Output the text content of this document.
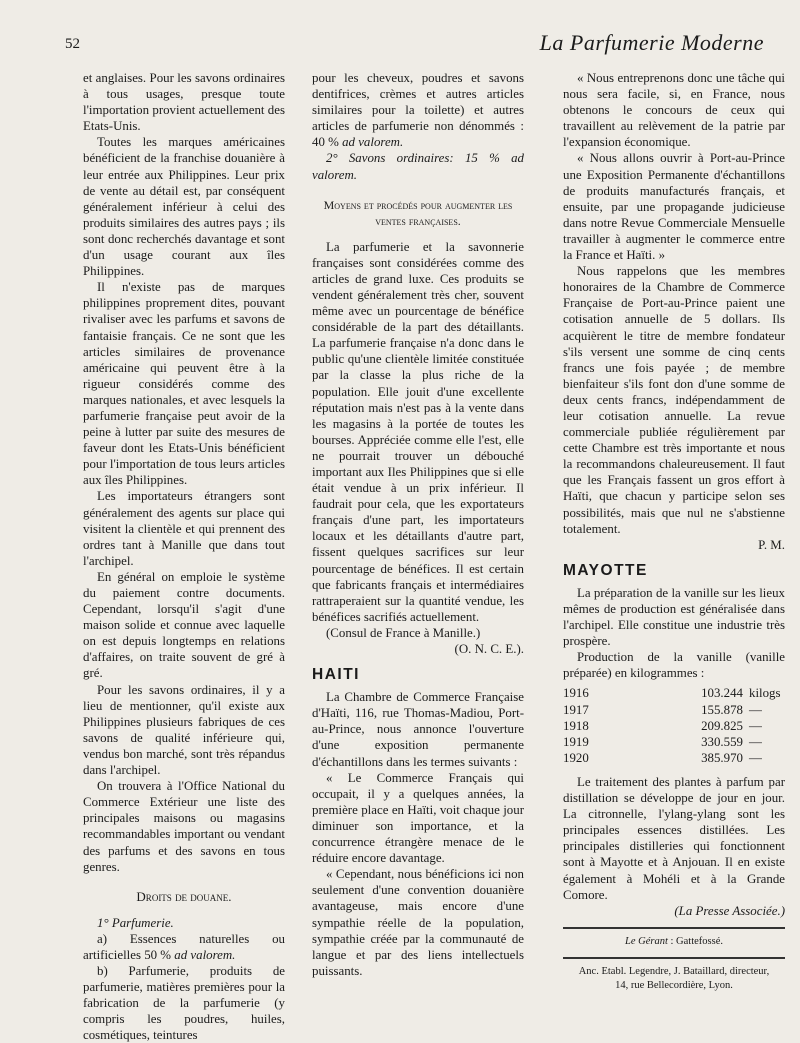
52	La Parfumerie Moderne

et anglaises. Pour les savons ordinaires à tous usages, presque toute l'importation provient actuellement des Etats-Unis.

Toutes les marques américaines bénéficient de la franchise douanière à leur entrée aux Philippines. Leur prix de vente au détail est, par conséquent généralement inférieur à celui des produits similaires des autres pays ; ils sont donc recherchés davantage et sont d'un usage courant aux îles Philippines.

Il n'existe pas de marques philippines proprement dites, pouvant rivaliser avec les parfums et savons de fantaisie français. Ce ne sont que les articles similaires de provenance américaine qui peuvent être à la rigueur considérés comme des marques nationales, et avec lesquels la parfumerie française peut avoir de la peine à lutter par suite des mesures de faveur dont les Etats-Unis bénéficient pour l'importation de tous leurs articles aux îles Philippines.

Les importateurs étrangers sont généralement des agents sur place qui visitent la clientèle et qui prennent des ordres tant à Manille que dans tout l'archipel.

En général on emploie le système du paiement contre documents. Cependant, lorsqu'il s'agit d'une maison solide et connue avec laquelle on est depuis longtemps en relations d'affaires, on traite souvent de gré à gré.

Pour les savons ordinaires, il y a lieu de mentionner, qu'il existe aux Philippines plusieurs fabriques de ces savons de qualité inférieure qui, vendus bon marché, sont très répandus dans l'archipel.

On trouvera à l'Office National du Commerce Extérieur une liste des principales maisons ou magasins recommandables important ou vendant des parfums et des savons en tous genres.

Droits de douane.

1° Parfumerie.

a) Essences naturelles ou artificielles 50 % ad valorem.

b) Parfumerie, produits de parfumerie, matières premières pour la fabrication de la parfumerie (y compris les poudres, huiles, cosmétiques, teintures

pour les cheveux, poudres et savons dentifrices, crèmes et autres articles similaires pour la toilette) et autres articles de parfumerie non dénommés : 40 % ad valorem.

2° Savons ordinaires: 15 % ad valorem.

Moyens et procédés pour augmenter les ventes françaises.

La parfumerie et la savonnerie françaises sont considérées comme des articles de grand luxe. Ces produits se vendent généralement très cher, souvent même avec un pourcentage de bénéfice considérable de la part des détaillants. La parfumerie française n'a donc dans le public qu'une clientèle limitée constituée par la classe la plus riche de la population. Elle jouit d'une excellente réputation mais n'est pas à la vente dans les magasins à la portée de toutes les bourses. Appréciée comme elle l'est, elle ne pourrait trouver un débouché important aux Iles Philippines que si elle était vendue à un prix inférieur. Il faudrait pour cela, que les exportateurs français d'une part, les importateurs locaux et les détaillants d'autre part, fissent quelques sacrifices sur leur pourcentage de bénéfices. Il est certain que fabricants français et intermédiaires rattraperaient sur la quantité vendue, les bénéfices sacrifiés actuellement.

(Consul de France à Manille.)

(O. N. C. E.).
HAITI

La Chambre de Commerce Française d'Haïti, 116, rue Thomas-Madiou, Port-au-Prince, nous annonce l'ouverture d'une exposition permanente d'échantillons dans les termes suivants :

« Le Commerce Français qui occupait, il y a quelques années, la première place en Haïti, voit chaque jour diminuer son importance, et la concurrence étrangère menace de le réduire encore davantage.

« Cependant, nous bénéficions ici non seulement d'une convention douanière avantageuse, mais encore d'une sympathie réelle de la population, sympathie créée par la communauté de langue et par des liens intellectuels puissants.

« Nous entreprenons donc une tâche qui nous sera facile, si, en France, nous obtenons le concours de ceux qui travaillent au relèvement de la patrie par l'expansion économique.

« Nous allons ouvrir à Port-au-Prince une Exposition Permanente d'échantillons de produits manufacturés français, et ensuite, par une propagande judicieuse dans notre Revue Commerciale Mensuelle travailler à augmenter le commerce entre la France et Haïti. »

Nous rappelons que les membres honoraires de la Chambre de Commerce Française de Port-au-Prince paient une cotisation annuelle de 5 dollars. Ils acquièrent le titre de membre fondateur s'ils versent une somme de cinq cents francs une fois payée ; de membre bienfaiteur s'ils font don d'une somme de deux cents francs, indépendamment de leur cotisation annuelle. La revue commerciale publiée régulièrement par cette Chambre est très importante et nous la recommandons chaleureusement. Il faut que les Français fassent un gros effort à Haïti, que chacun y participe selon ses possibilités, mais que nul ne s'abstienne totalement.

P. M.
MAYOTTE

La préparation de la vanille sur les lieux mêmes de production est généralisée dans l'archipel. Elle constitue une industrie très prospère.

Production de la vanille (vanille préparée) en kilogrammes :

1916	103.244 kilogs
1917	155.878 —
1918	209.825 —
1919	330.559 —
1920	385.970 —

Le traitement des plantes à parfum par distillation se développe de jour en jour. La citronnelle, l'ylang-ylang sont les principales essences distillées. Les principales distilleries qui fonctionnent sont à Mayotte et à Anjouan. Il en existe également à Mohéli et à la Grande Comore.

(La Presse Associée.)
Le Gérant : Gattefossé.
Anc. Etabl. Legendre, J. Bataillard, directeur,
14, rue Bellecordière, Lyon.
